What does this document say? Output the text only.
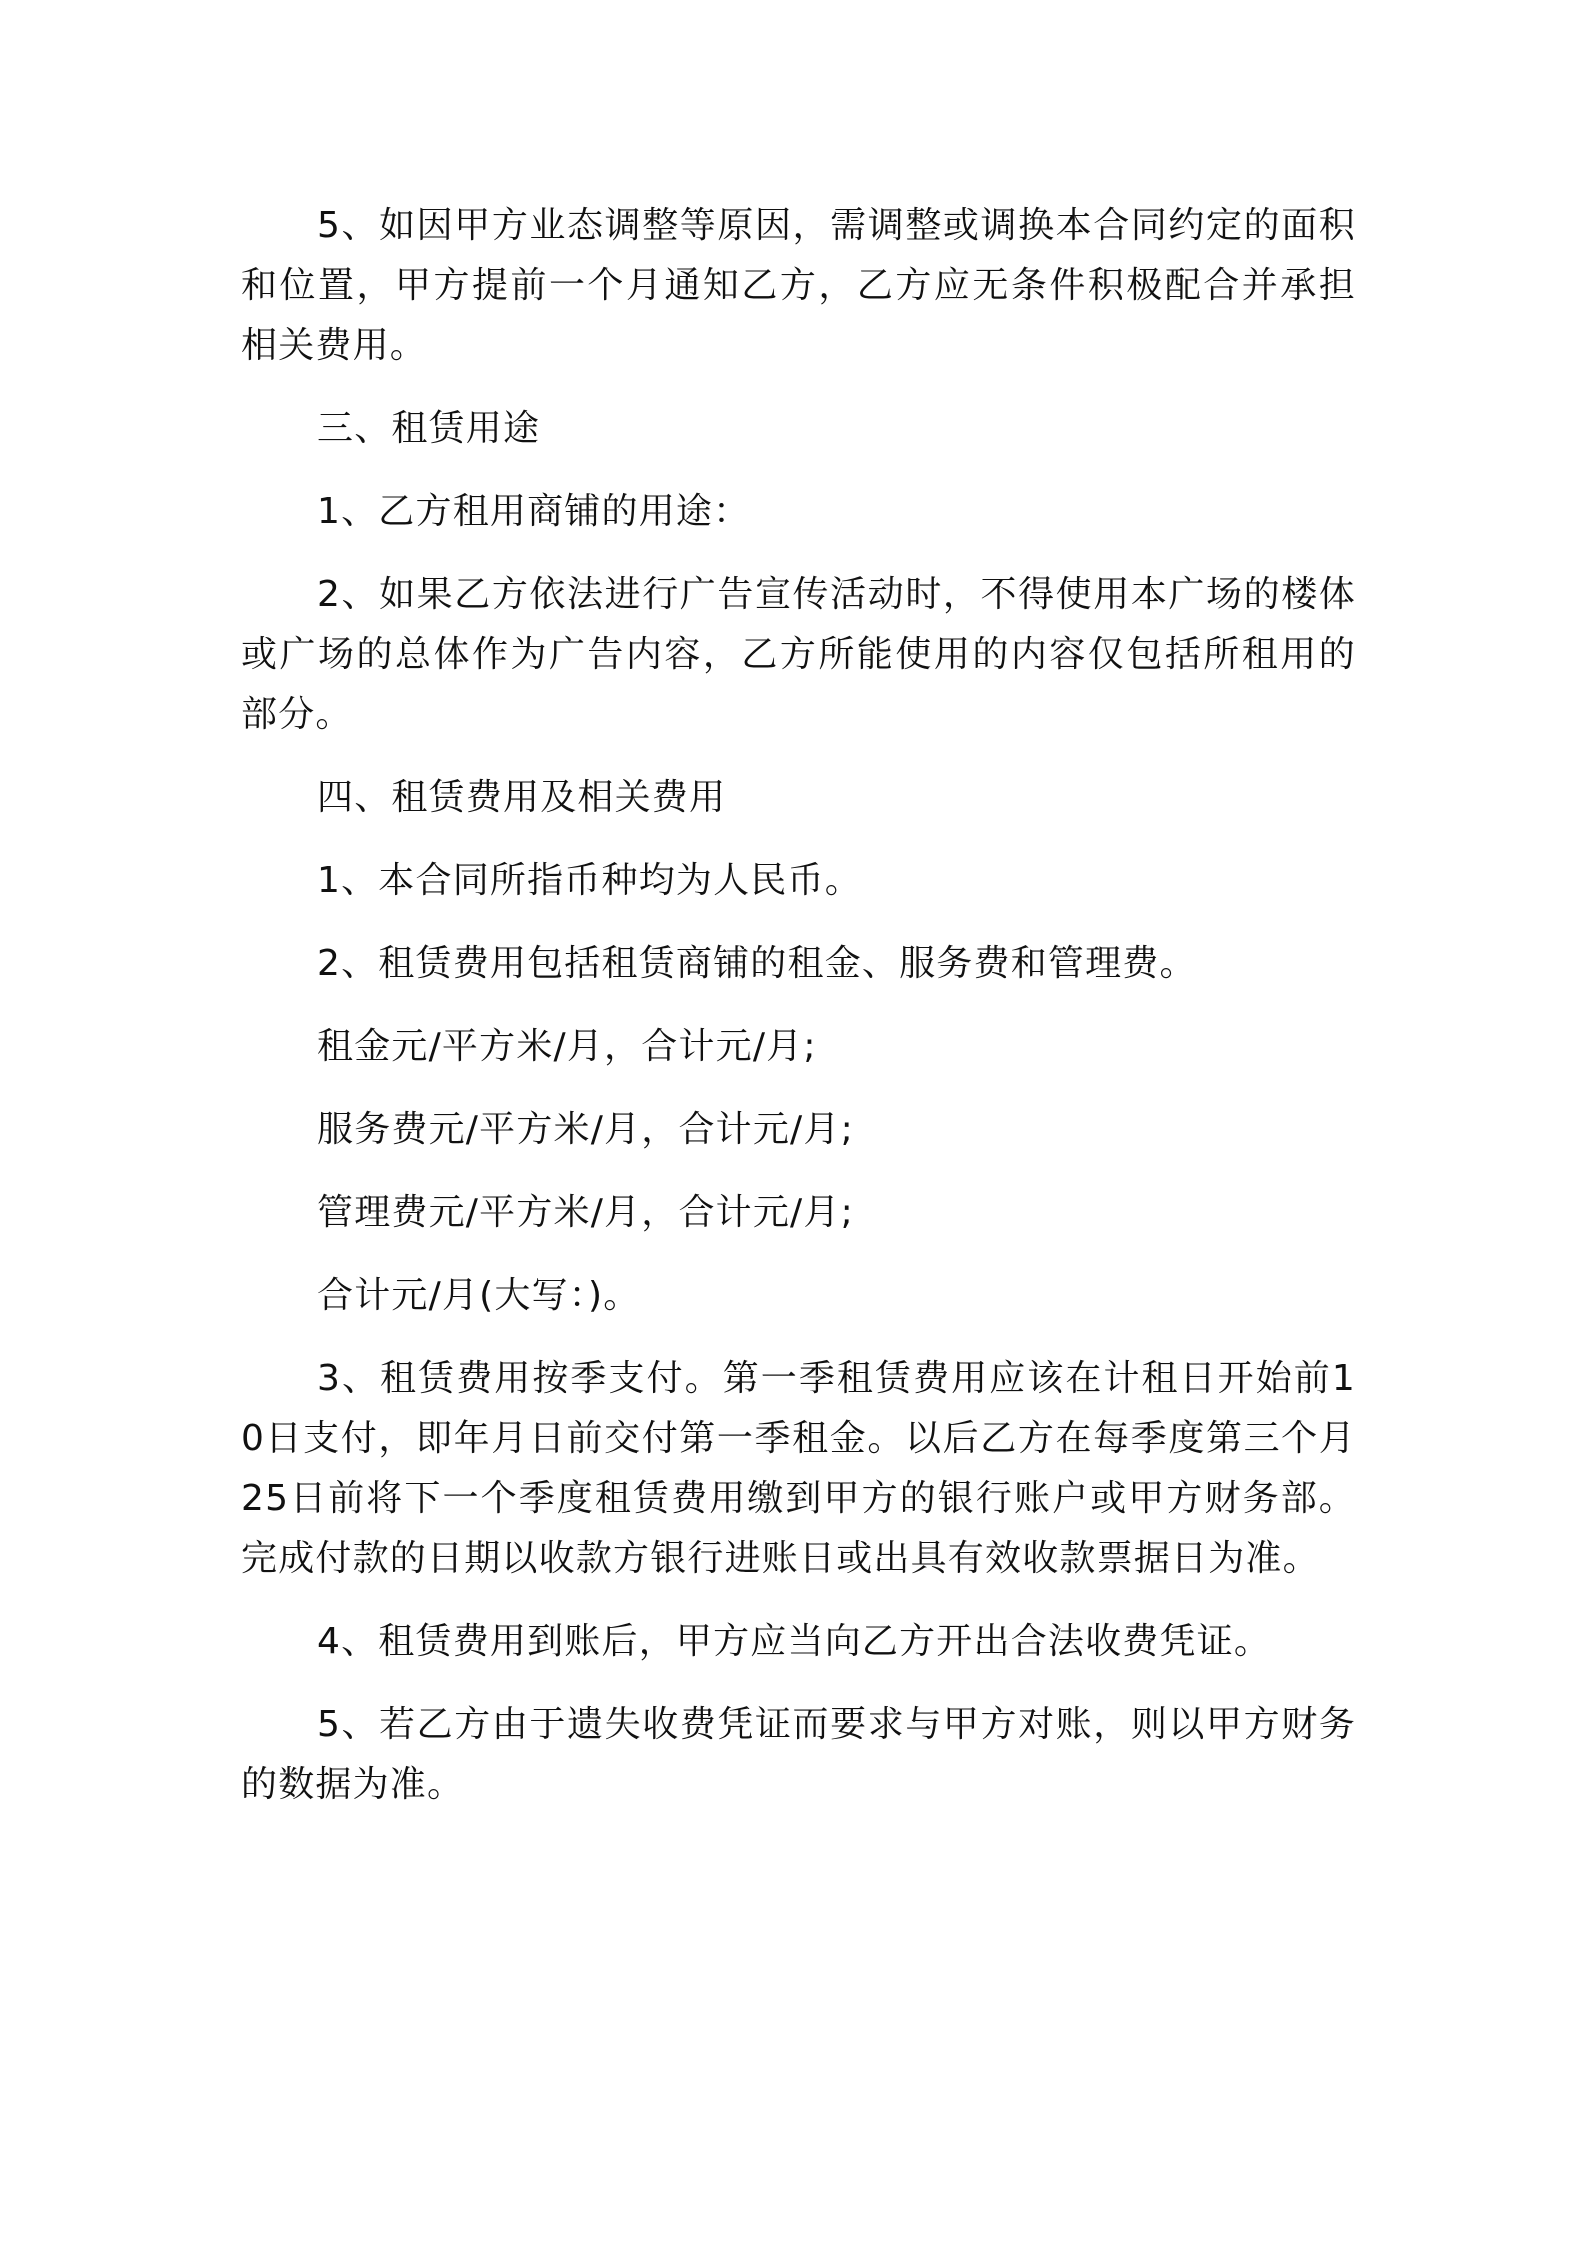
5、如因甲方业态调整等原因，需调整或调换本合同约定的面积和位置，甲方提前一个月通知乙方，乙方应无条件积极配合并承担相关费用。

三、租赁用途

1、乙方租用商铺的用途：

2、如果乙方依法进行广告宣传活动时，不得使用本广场的楼体或广场的总体作为广告内容，乙方所能使用的内容仅包括所租用的部分。

四、租赁费用及相关费用

1、本合同所指币种均为人民币。

2、租赁费用包括租赁商铺的租金、服务费和管理费。

租金元/平方米/月，合计元/月;

服务费元/平方米/月，合计元/月;

管理费元/平方米/月，合计元/月;

合计元/月(大写：)。

3、租赁费用按季支付。第一季租赁费用应该在计租日开始前10日支付，即年月日前交付第一季租金。以后乙方在每季度第三个月25日前将下一个季度租赁费用缴到甲方的银行账户或甲方财务部。完成付款的日期以收款方银行进账日或出具有效收款票据日为准。

4、租赁费用到账后，甲方应当向乙方开出合法收费凭证。

5、若乙方由于遗失收费凭证而要求与甲方对账，则以甲方财务的数据为准。
